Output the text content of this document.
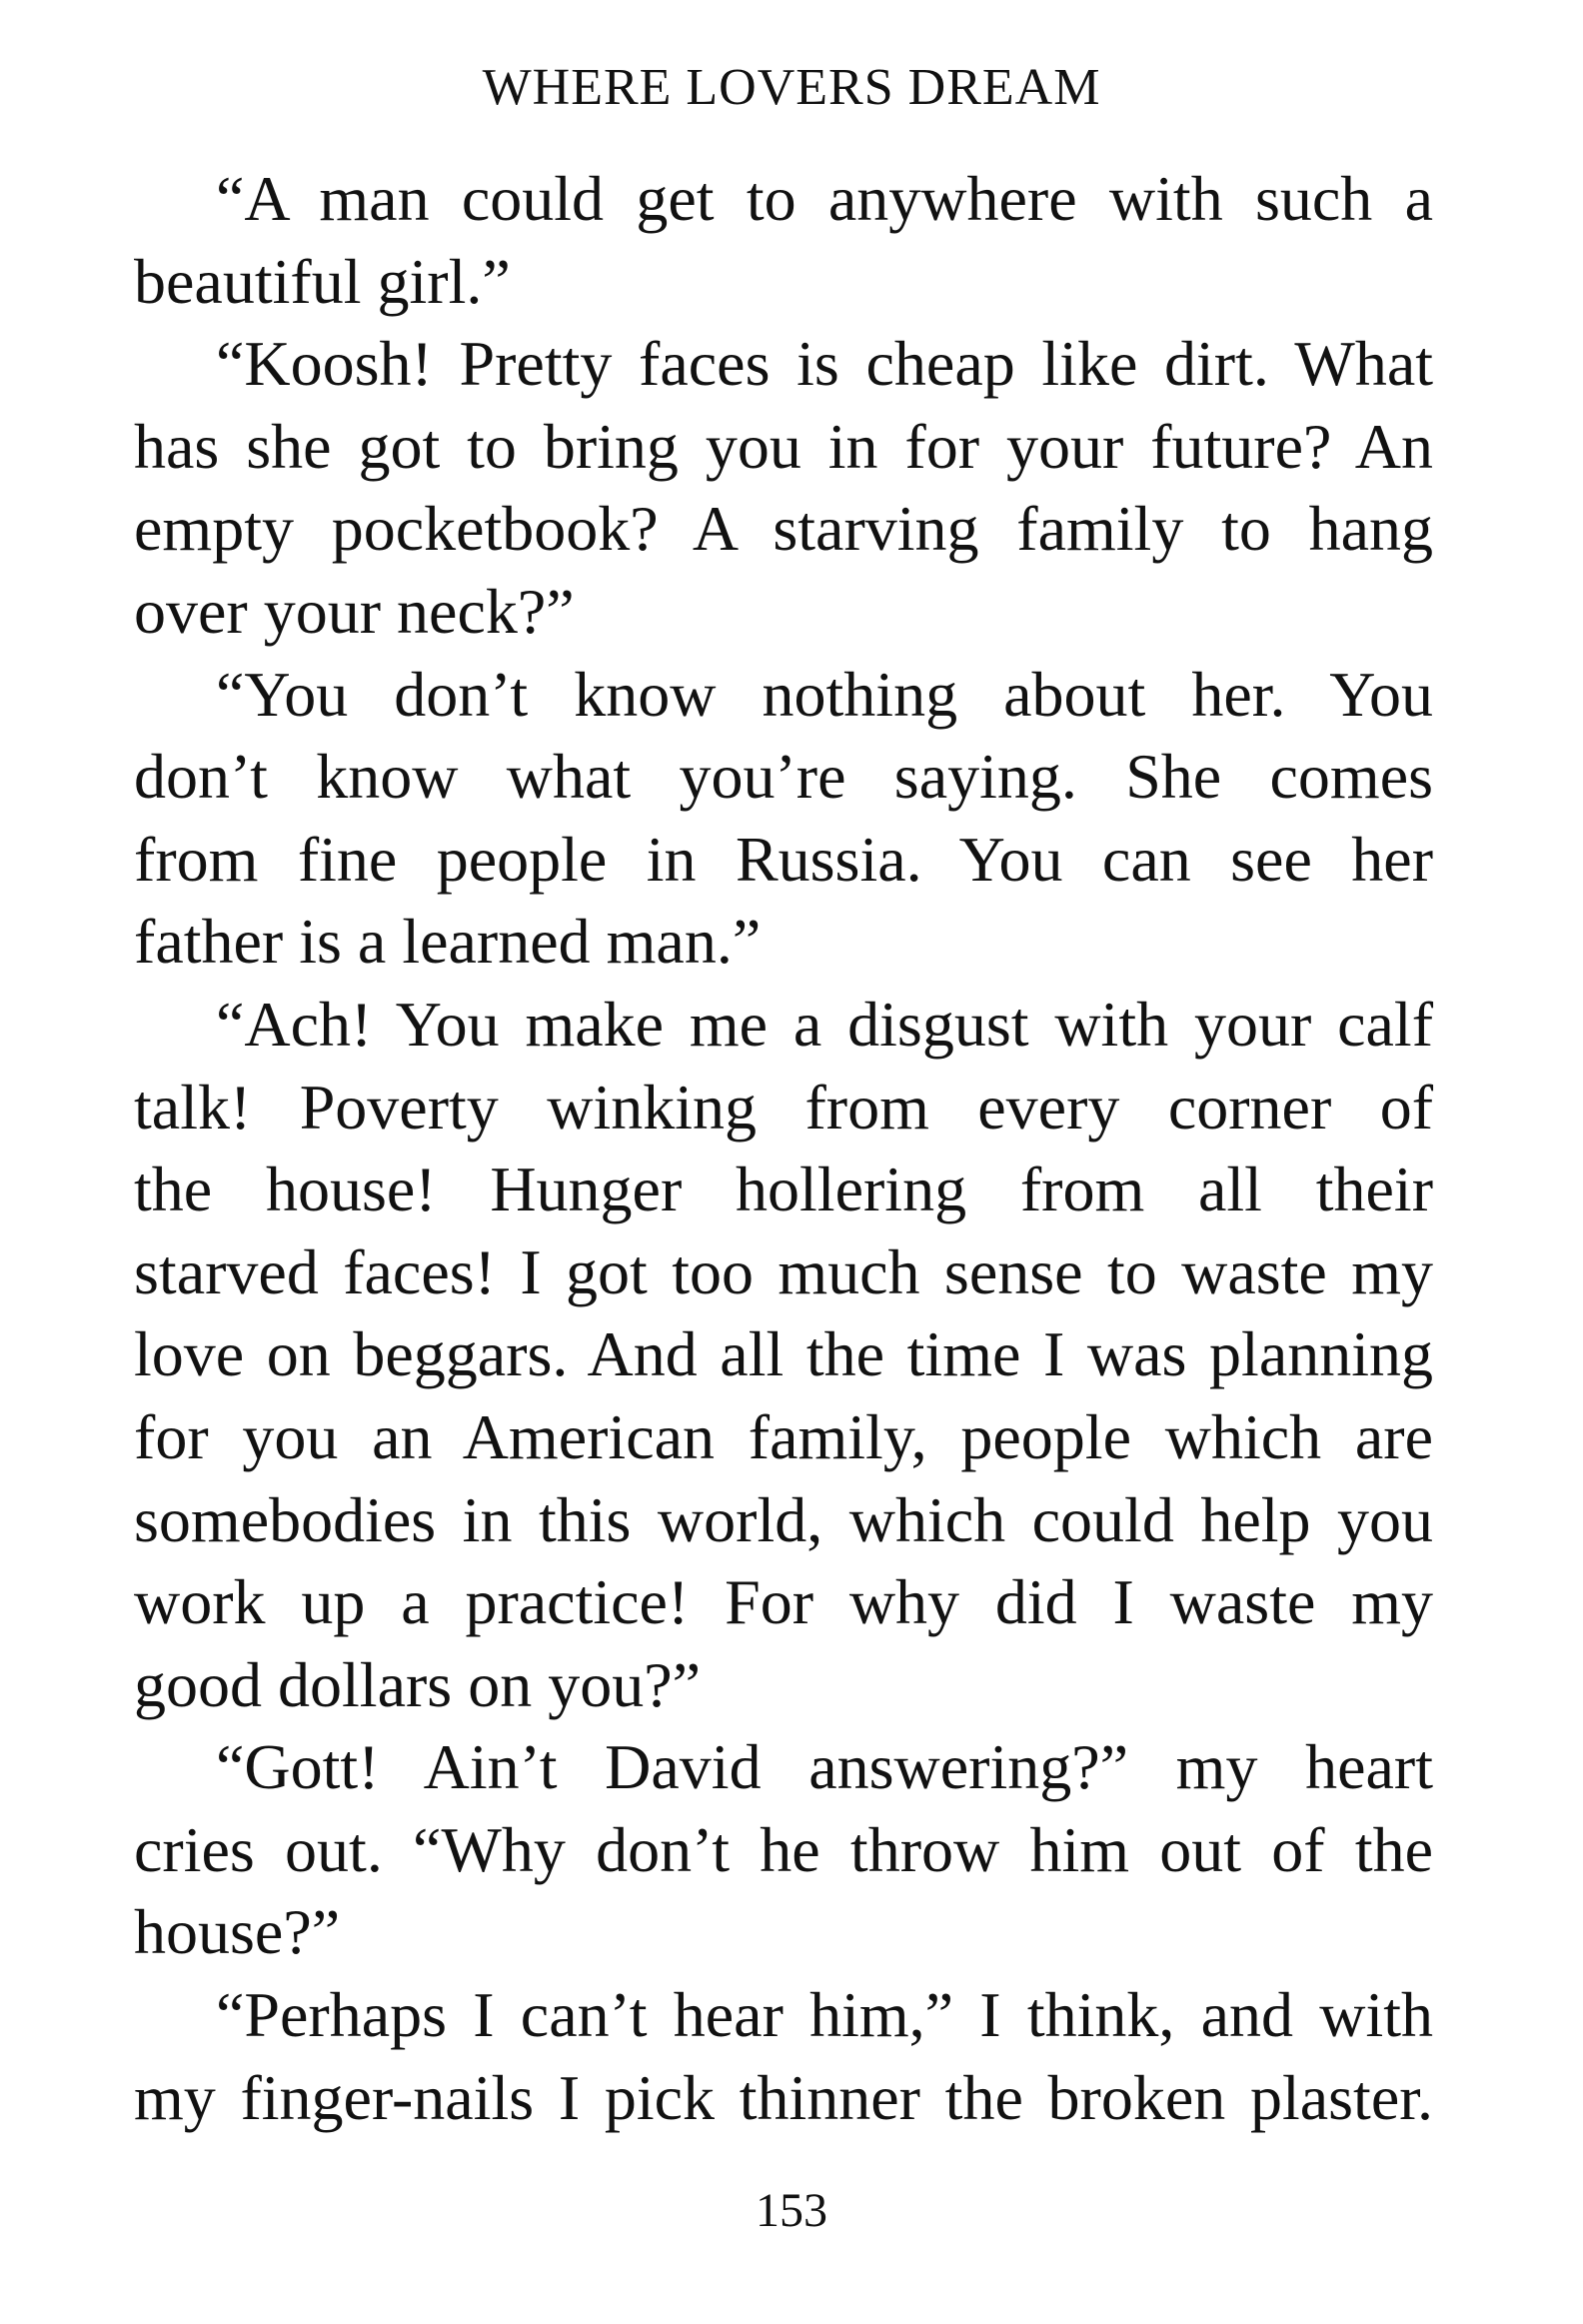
WHERE LOVERS DREAM
“A man could get to anywhere with such a
beautiful girl.”
“Koosh! Pretty faces is cheap like dirt. What
has she got to bring you in for your future? An
empty pocketbook? A starving family to hang
over your neck?”
“You don’t know nothing about her. You
don’t know what you’re saying. She comes
from fine people in Russia. You can see her
father is a learned man.”
“Ach! You make me a disgust with your calf
talk! Poverty winking from every corner of
the house! Hunger hollering from all their
starved faces! I got too much sense to waste my
love on beggars. And all the time I was planning
for you an American family, people which are
somebodies in this world, which could help you
work up a practice! For why did I waste my
good dollars on you?”
“Gott! Ain’t David answering?” my heart
cries out. “Why don’t he throw him out of the
house?”
“Perhaps I can’t hear him,” I think, and with
my finger-nails I pick thinner the broken plaster.
153
